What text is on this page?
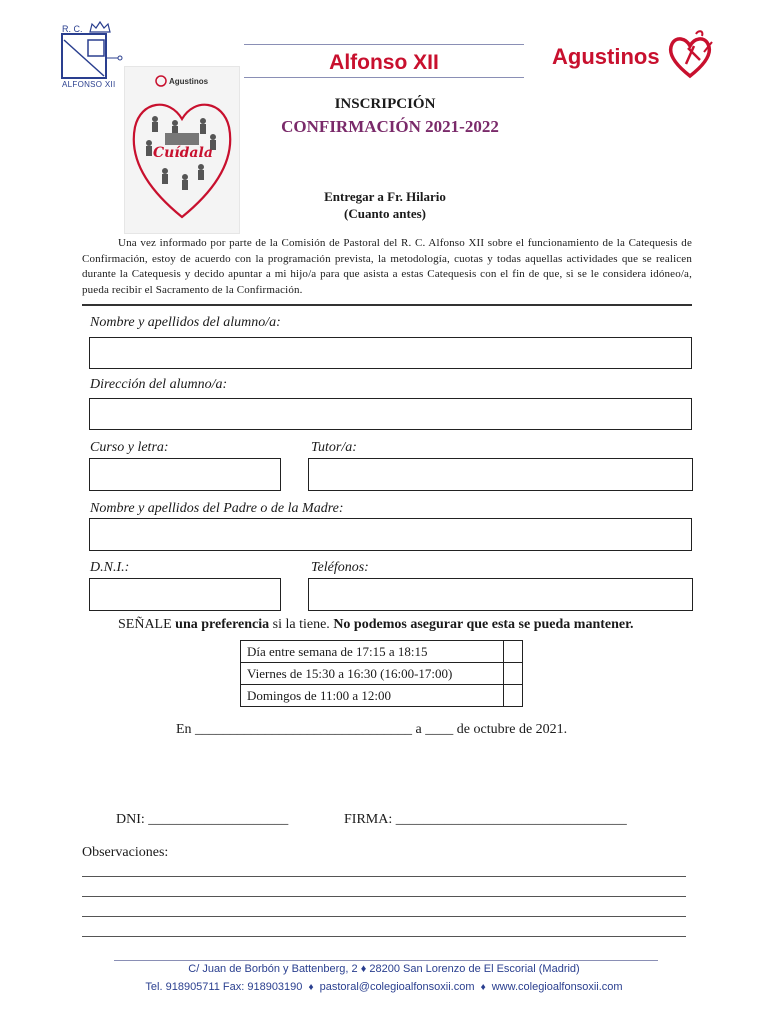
R. C.
ALFONSO XII
Alfonso XII	Agustinos
Agustinos
Cuídala
INSCRIPCIÓN
CONFIRMACIÓN 2021-2022
Entregar a Fr. Hilario
(Cuanto antes)
Una vez informado por parte de la Comisión de Pastoral del R. C. Alfonso XII sobre el funcionamiento de la Catequesis de Confirmación, estoy de acuerdo con la programación prevista, la metodología, cuotas y todas aquellas actividades que se realicen durante la Catequesis y decido apuntar a mi hijo/a para que asista a estas Catequesis con el fin de que, si se le considera idóneo/a, pueda recibir el Sacramento de la Confirmación.
Nombre y apellidos del alumno/a:
Dirección del alumno/a:
Curso y letra:	Tutor/a:
Nombre y apellidos del Padre o de la Madre:
D.N.I.:	Teléfonos:
SEÑALE una preferencia si la tiene. No podemos asegurar que esta se pueda mantener.
Día entre semana de 17:15 a 18:15	
Viernes de 15:30 a 16:30 (16:00-17:00)	
Domingos de 11:00 a 12:00	
En _______________________________ a ____ de octubre de 2021.
DNI: ____________________	FIRMA: _________________________________
Observaciones:
C/ Juan de Borbón y Battenberg, 2 ♦ 28200 San Lorenzo de El Escorial (Madrid)
Tel. 918905711 Fax: 918903190 ♦ pastoral@colegioalfonsoxii.com ♦ www.colegioalfonsoxii.com
